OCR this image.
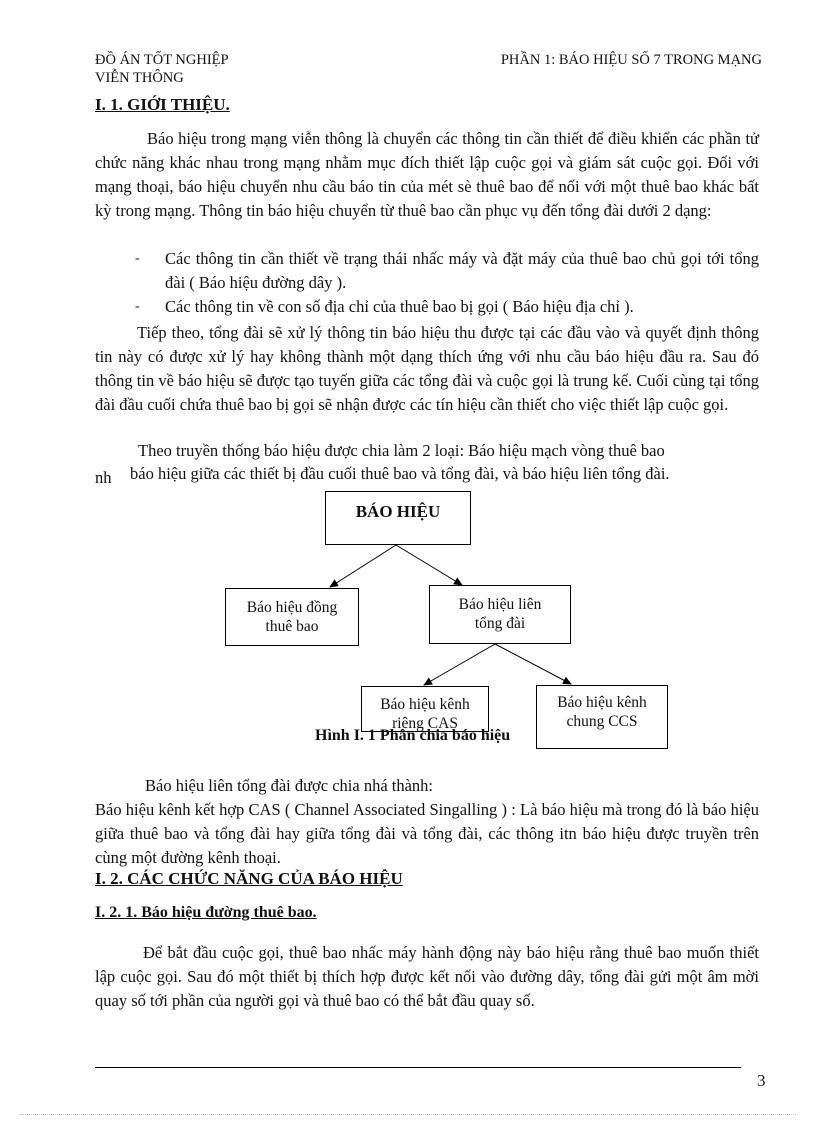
ĐỒ ÁN TỐT NGHIỆP
VIỄN THÔNG
PHẦN 1: BÁO HIỆU SỐ 7 TRONG MẠNG
I. 1. GIỚI THIỆU.
Báo hiệu trong mạng viễn thông là chuyển các thông tin cần thiết để điều khiển các phần tử chức năng khác nhau trong mạng nhằm mục đích thiết lập cuộc gọi và giám sát cuộc gọi. Đối với mạng thoại, báo hiệu chuyển nhu cầu báo tin của mét sè thuê bao để nối với một thuê bao khác bất kỳ trong mạng. Thông tin báo hiệu chuyển từ thuê bao cần phục vụ đến tổng đài dưới 2 dạng:
-	Các thông tin cần thiết về trạng thái nhấc máy và đặt máy của thuê bao chủ gọi tới tổng đài ( Báo hiệu đường dây ).
-	Các thông tin về con số địa chỉ của thuê bao bị gọi ( Báo hiệu địa chỉ ).
Tiếp theo, tổng đài sẽ xử lý thông tin báo hiệu thu được tại các đầu vào và quyết định thông tin này có được xử lý hay không thành một dạng thích ứng với nhu cầu báo hiệu đầu ra. Sau đó thông tin về báo hiệu sẽ được tạo tuyến giữa các tổng đài và cuộc gọi là trung kế. Cuối cùng tại tổng đài đầu cuối chứa thuê bao bị gọi sẽ nhận được các tín hiệu cần thiết cho việc thiết lập cuộc gọi.
Theo truyền thống báo hiệu được chia làm 2 loại: Báo hiệu mạch vòng thuê bao
nh báo hiệu giữa các thiết bị đầu cuối thuê bao và tổng đài, và báo hiệu liên tổng đài.
BÁO HIỆU
Báo hiệu đồng
thuê bao
Báo hiệu liên
tổng đài
Báo hiệu kênh
riêng CAS
Báo hiệu kênh
chung CCS
Hình I. 1 Phân chia báo hiệu
Báo hiệu liên tổng đài được chia nhá thành:
Báo hiệu kênh kết hợp CAS ( Channel Associated Singalling ) : Là báo hiệu mà trong đó là báo hiệu giữa thuê bao và tổng đài hay giữa tổng đài và tổng đài, các thông itn báo hiệu được truyền trên cùng một đường kênh thoại.
I. 2. CÁC CHỨC NĂNG CỦA BÁO HIỆU
I. 2. 1. Báo hiệu đường thuê bao.
Để bắt đầu cuộc gọi, thuê bao nhấc máy hành động này báo hiệu rằng thuê bao muốn thiết lập cuộc gọi. Sau đó một thiết bị thích hợp được kết nối vào đường dây, tổng đài gửi một âm mời quay số tới phần của người gọi và thuê bao có thể bắt đầu quay số.
3
